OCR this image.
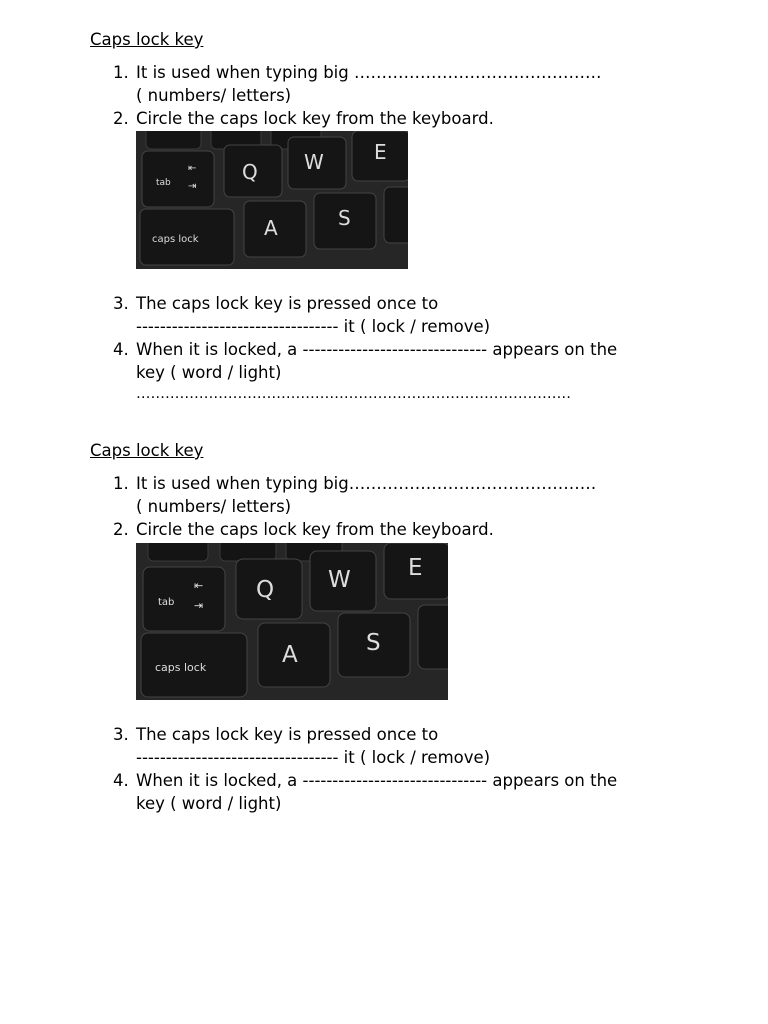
Caps lock key
1. It is used when typing big ………………………………………
( numbers/ letters)
2. Circle the caps lock key from the keyboard.
tab
⇤
⇥
Q W	E
caps lock	A	S
3. The caps lock key is pressed once to
---------------------------------- it ( lock / remove)
4. When it is locked, a ------------------------------- appears on the
key ( word / light)
………………………………………………………………………………
Caps lock key
1. It is used when typing big………………………………………
( numbers/ letters)
2. Circle the caps lock key from the keyboard.
tab
⇤
⇥
Q W E
caps lock	A	S
3. The caps lock key is pressed once to
---------------------------------- it ( lock / remove)
4. When it is locked, a ------------------------------- appears on the
key ( word / light)
